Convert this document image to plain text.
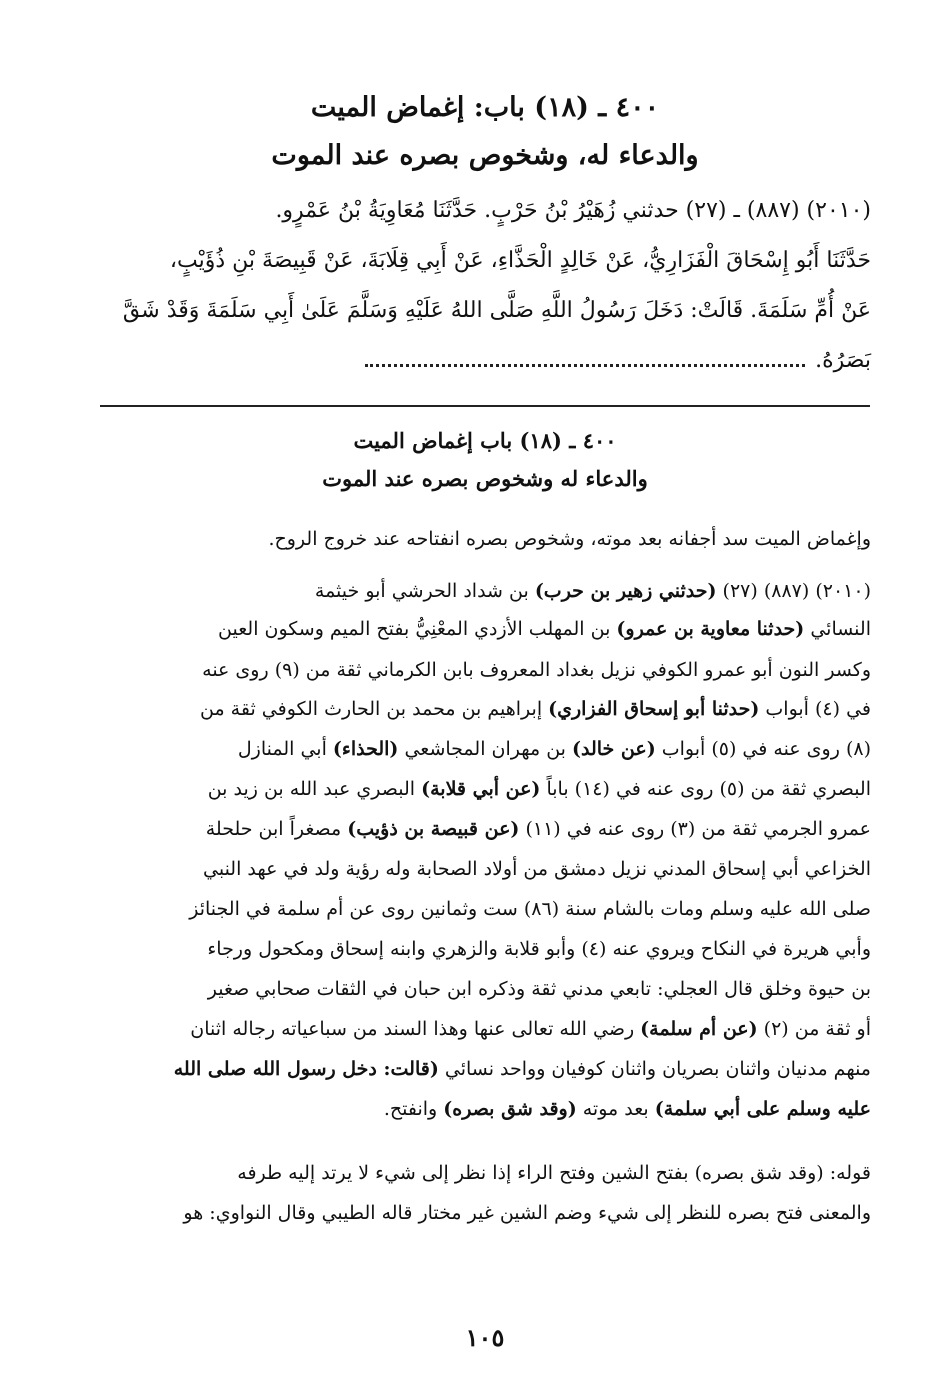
٤٠٠ ـ (١٨) باب: إغماض الميت
والدعاء له، وشخوص بصره عند الموت
(٢٠١٠) (٨٨٧) ـ (٢٧) حدثني زُهَيْرُ بْنُ حَرْبٍ. حَدَّثَنَا مُعَاوِيَةُ بْنُ عَمْرٍو.
حَدَّثَنَا أَبُو إِسْحَاقَ الْفَزَارِيُّ، عَنْ خَالِدٍ الْحَذَّاءِ، عَنْ أَبِي قِلَابَةَ، عَنْ قَبِيصَةَ بْنِ ذُؤَيْبٍ،
عَنْ أُمِّ سَلَمَةَ. قَالَتْ: دَخَلَ رَسُولُ اللَّهِ صَلَّى اللهُ عَلَيْهِ وَسَلَّمَ عَلَىٰ أَبِي سَلَمَةَ وَقَدْ شَقَّ
بَصَرُهُ.
٤٠٠ ـ (١٨) باب إغماض الميت
والدعاء له وشخوص بصره عند الموت
وإغماض الميت سد أجفانه بعد موته، وشخوص بصره انفتاحه عند خروج الروح.
(٢٠١٠) (٨٨٧) (٢٧) (حدثني زهير بن حرب) بن شداد الحرشي أبو خيثمة
النسائي (حدثنا معاوية بن عمرو) بن المهلب الأزدي المعْنِيُّ بفتح الميم وسكون العين
وكسر النون أبو عمرو الكوفي نزيل بغداد المعروف بابن الكرماني ثقة من (٩) روى عنه
في (٤) أبواب (حدثنا أبو إسحاق الفزاري) إبراهيم بن محمد بن الحارث الكوفي ثقة من
(٨) روى عنه في (٥) أبواب (عن خالد) بن مهران المجاشعي (الحذاء) أبي المنازل
البصري ثقة من (٥) روى عنه في (١٤) باباً (عن أبي قلابة) البصري عبد الله بن زيد بن
عمرو الجرمي ثقة من (٣) روى عنه في (١١) (عن قبيصة بن ذؤيب) مصغراً ابن حلحلة
الخزاعي أبي إسحاق المدني نزيل دمشق من أولاد الصحابة وله رؤية ولد في عهد النبي
صلى الله عليه وسلم ومات بالشام سنة (٨٦) ست وثمانين روى عن أم سلمة في الجنائز
وأبي هريرة في النكاح ويروي عنه (٤) وأبو قلابة والزهري وابنه إسحاق ومكحول ورجاء
بن حيوة وخلق قال العجلي: تابعي مدني ثقة وذكره ابن حبان في الثقات صحابي صغير
أو ثقة من (٢) (عن أم سلمة) رضي الله تعالى عنها وهذا السند من سباعياته رجاله اثنان
منهم مدنيان واثنان بصريان واثنان كوفيان وواحد نسائي (قالت: دخل رسول الله صلى الله
عليه وسلم على أبي سلمة) بعد موته (وقد شق بصره) وانفتح.
قوله: (وقد شق بصره) بفتح الشين وفتح الراء إذا نظر إلى شيء لا يرتد إليه طرفه
والمعنى فتح بصره للنظر إلى شيء وضم الشين غير مختار قاله الطيبي وقال النواوي: هو
١٠٥
